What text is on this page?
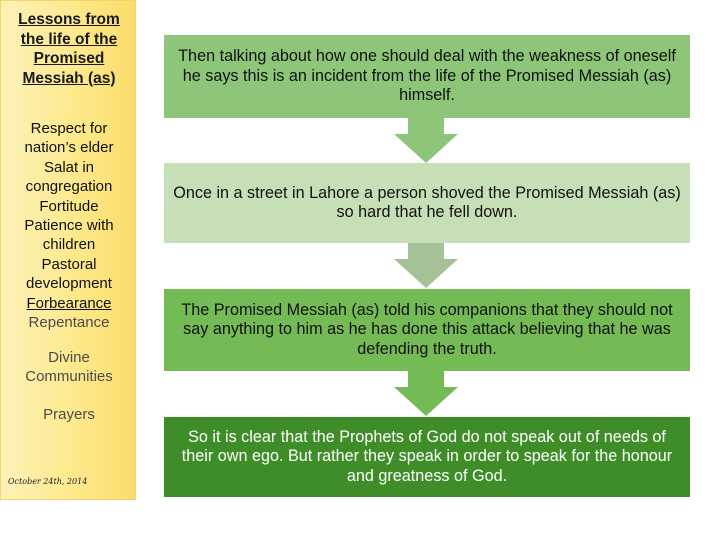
Lessons from
the life of the
Promised
Messiah (as)
Respect for
nation’s elder
Salat in
congregation
Fortitude
Patience with
children
Pastoral
development
Forbearance
Repentance
Divine
Communities
Prayers
October 24th, 2014
Then talking about how one should deal with the weakness of oneself he says this is an incident from the life of the Promised Messiah (as) himself.
Once in a street in Lahore a person shoved the Promised Messiah (as) so hard that he fell down.
The Promised Messiah (as) told his companions that they should not say anything to him as he has done this attack believing that he was defending the truth.
So it is clear that the Prophets of God do not speak out of needs of their own ego. But rather they speak in order to speak for the honour and greatness of God.
